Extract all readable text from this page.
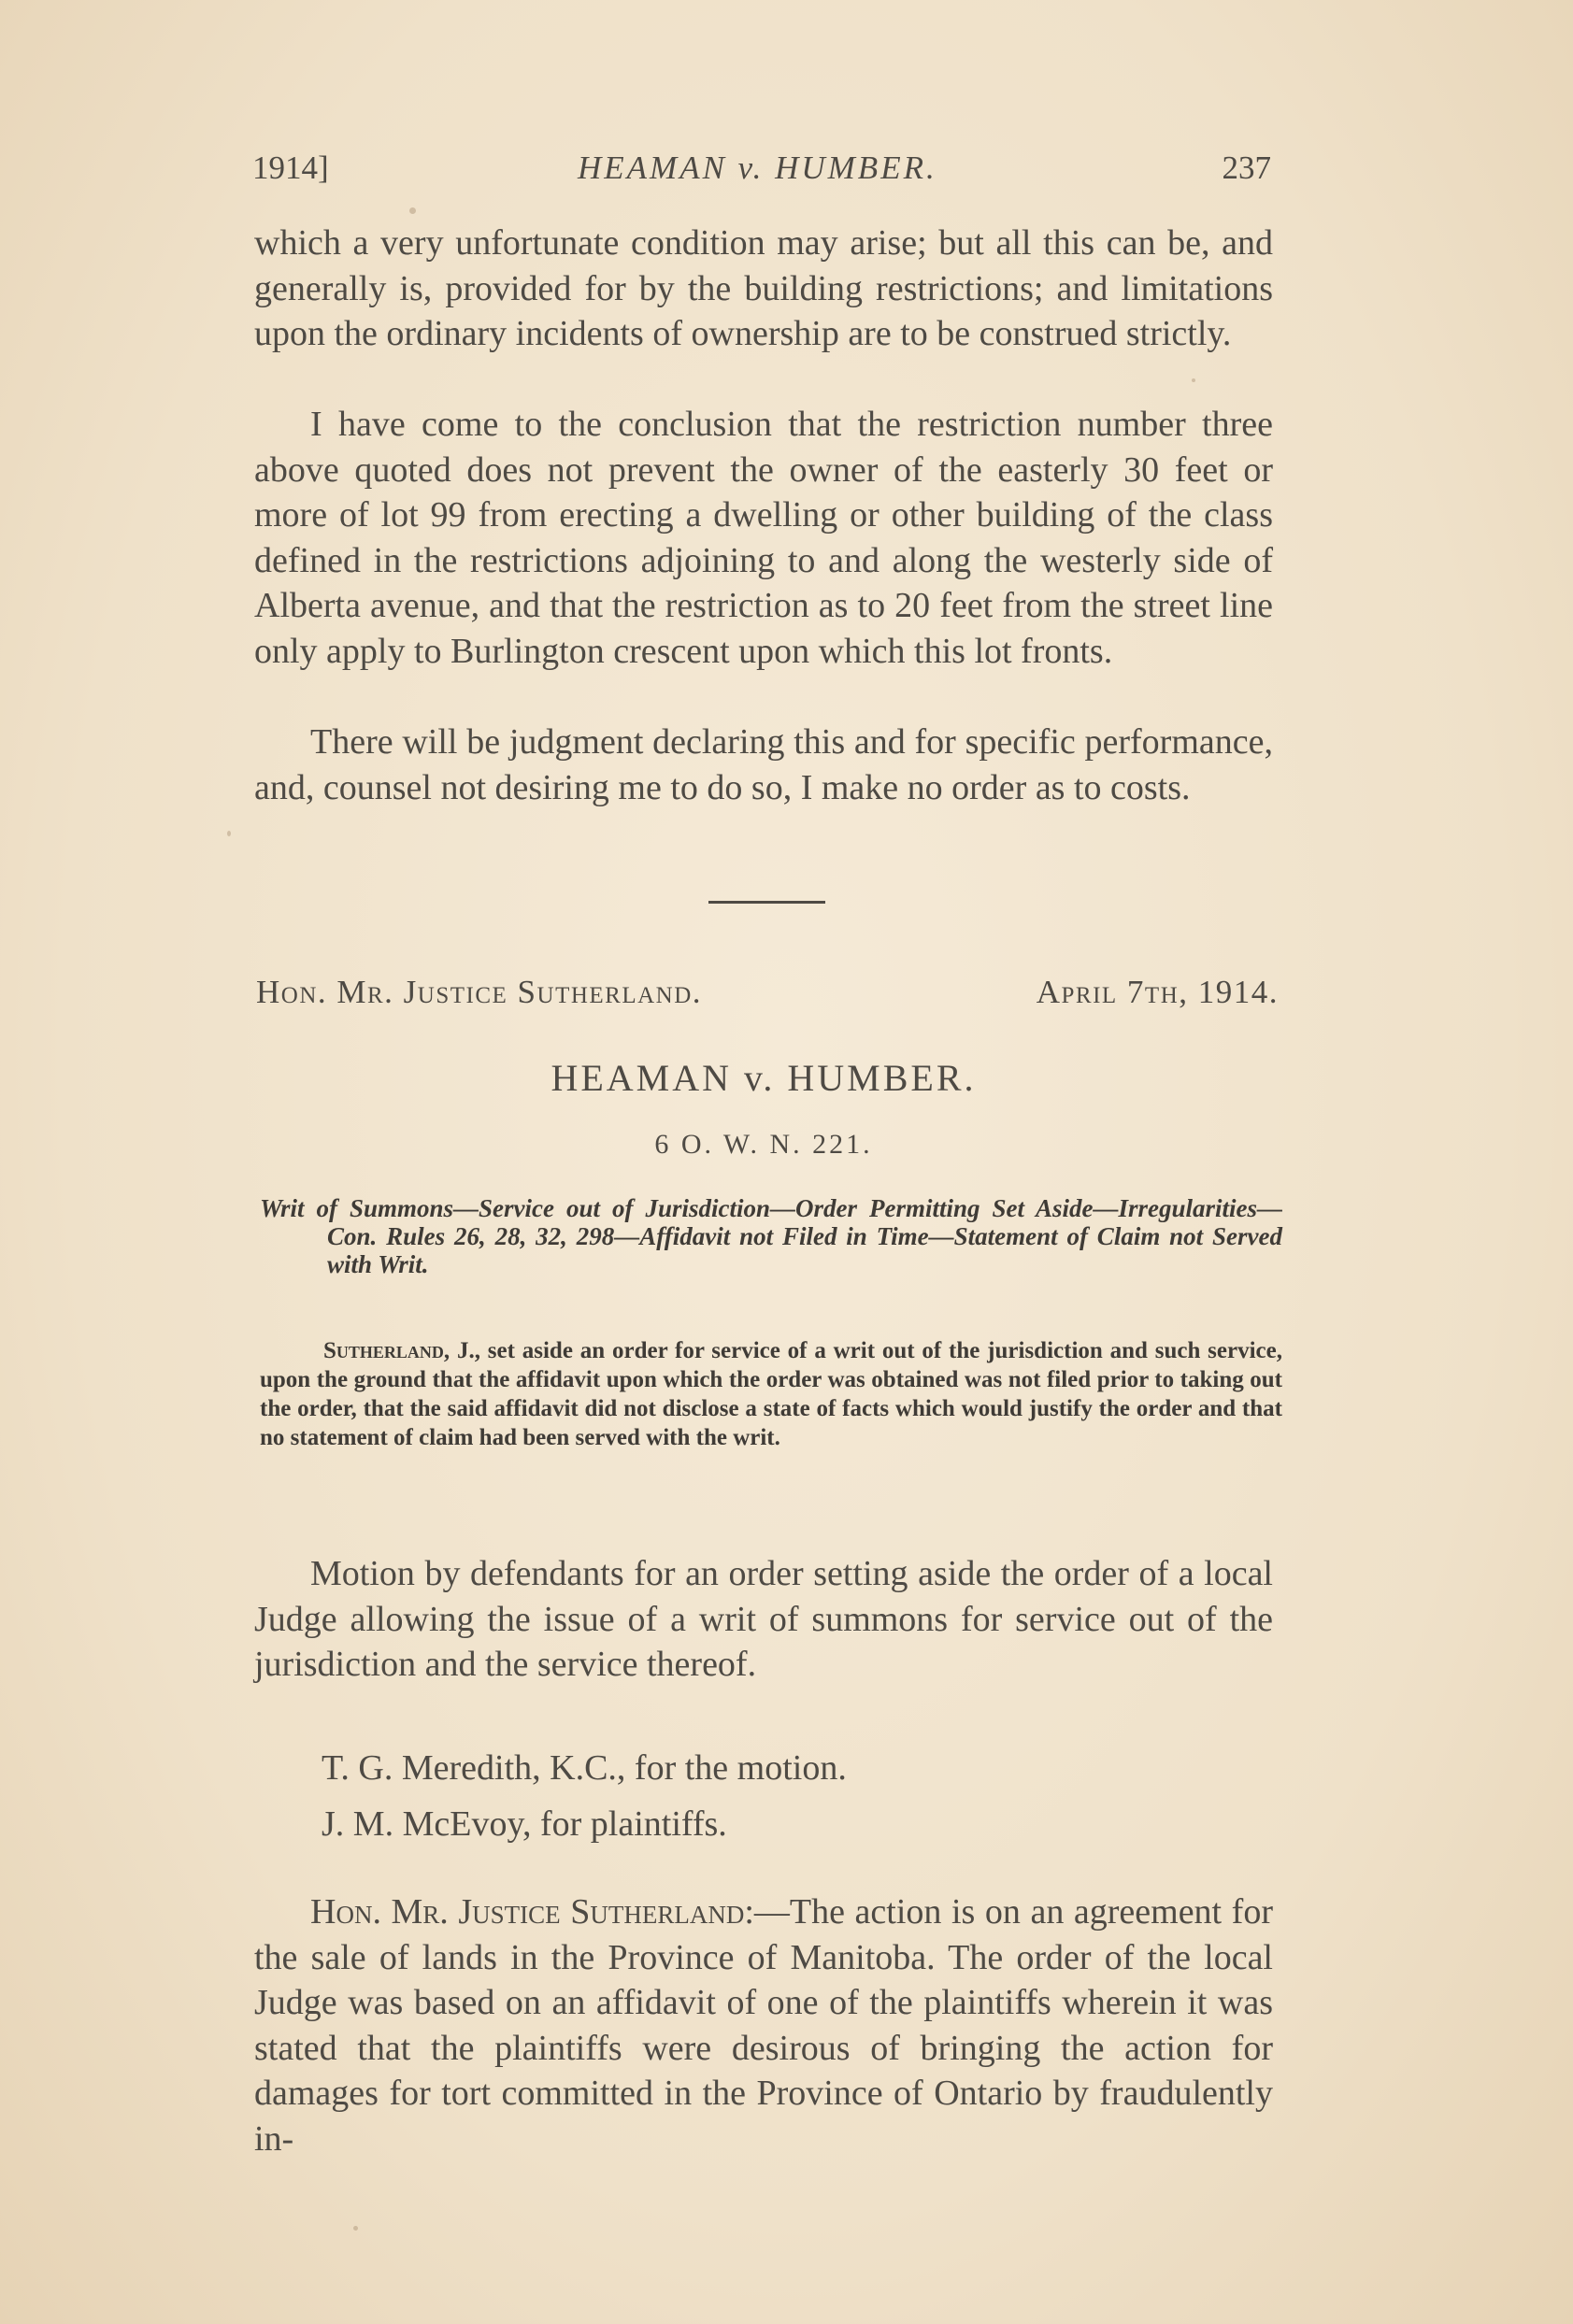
1914]	HEAMAN v. HUMBER.	237

which a very unfortunate condition may arise; but all this can be, and generally is, provided for by the building restrictions; and limitations upon the ordinary incidents of ownership are to be construed strictly.

I have come to the conclusion that the restriction number three above quoted does not prevent the owner of the easterly 30 feet or more of lot 99 from erecting a dwelling or other building of the class defined in the restrictions adjoining to and along the westerly side of Alberta avenue, and that the restriction as to 20 feet from the street line only apply to Burlington crescent upon which this lot fronts.

There will be judgment declaring this and for specific performance, and, counsel not desiring me to do so, I make no order as to costs.

Hon. Mr. Justice Sutherland.	April 7th, 1914.
HEAMAN v. HUMBER.
6 O. W. N. 221.

Writ of Summons—Service out of Jurisdiction—Order Permitting Set Aside—Irregularities—Con. Rules 26, 28, 32, 298—Affidavit not Filed in Time—Statement of Claim not Served with Writ.

Sutherland, J., set aside an order for service of a writ out of the jurisdiction and such service, upon the ground that the affidavit upon which the order was obtained was not filed prior to taking out the order, that the said affidavit did not disclose a state of facts which would justify the order and that no statement of claim had been served with the writ.

Motion by defendants for an order setting aside the order of a local Judge allowing the issue of a writ of summons for service out of the jurisdiction and the service thereof.

T. G. Meredith, K.C., for the motion.
J. M. McEvoy, for plaintiffs.

Hon. Mr. Justice Sutherland:—The action is on an agreement for the sale of lands in the Province of Manitoba. The order of the local Judge was based on an affidavit of one of the plaintiffs wherein it was stated that the plaintiffs were desirous of bringing the action for damages for tort committed in the Province of Ontario by fraudulently in-
